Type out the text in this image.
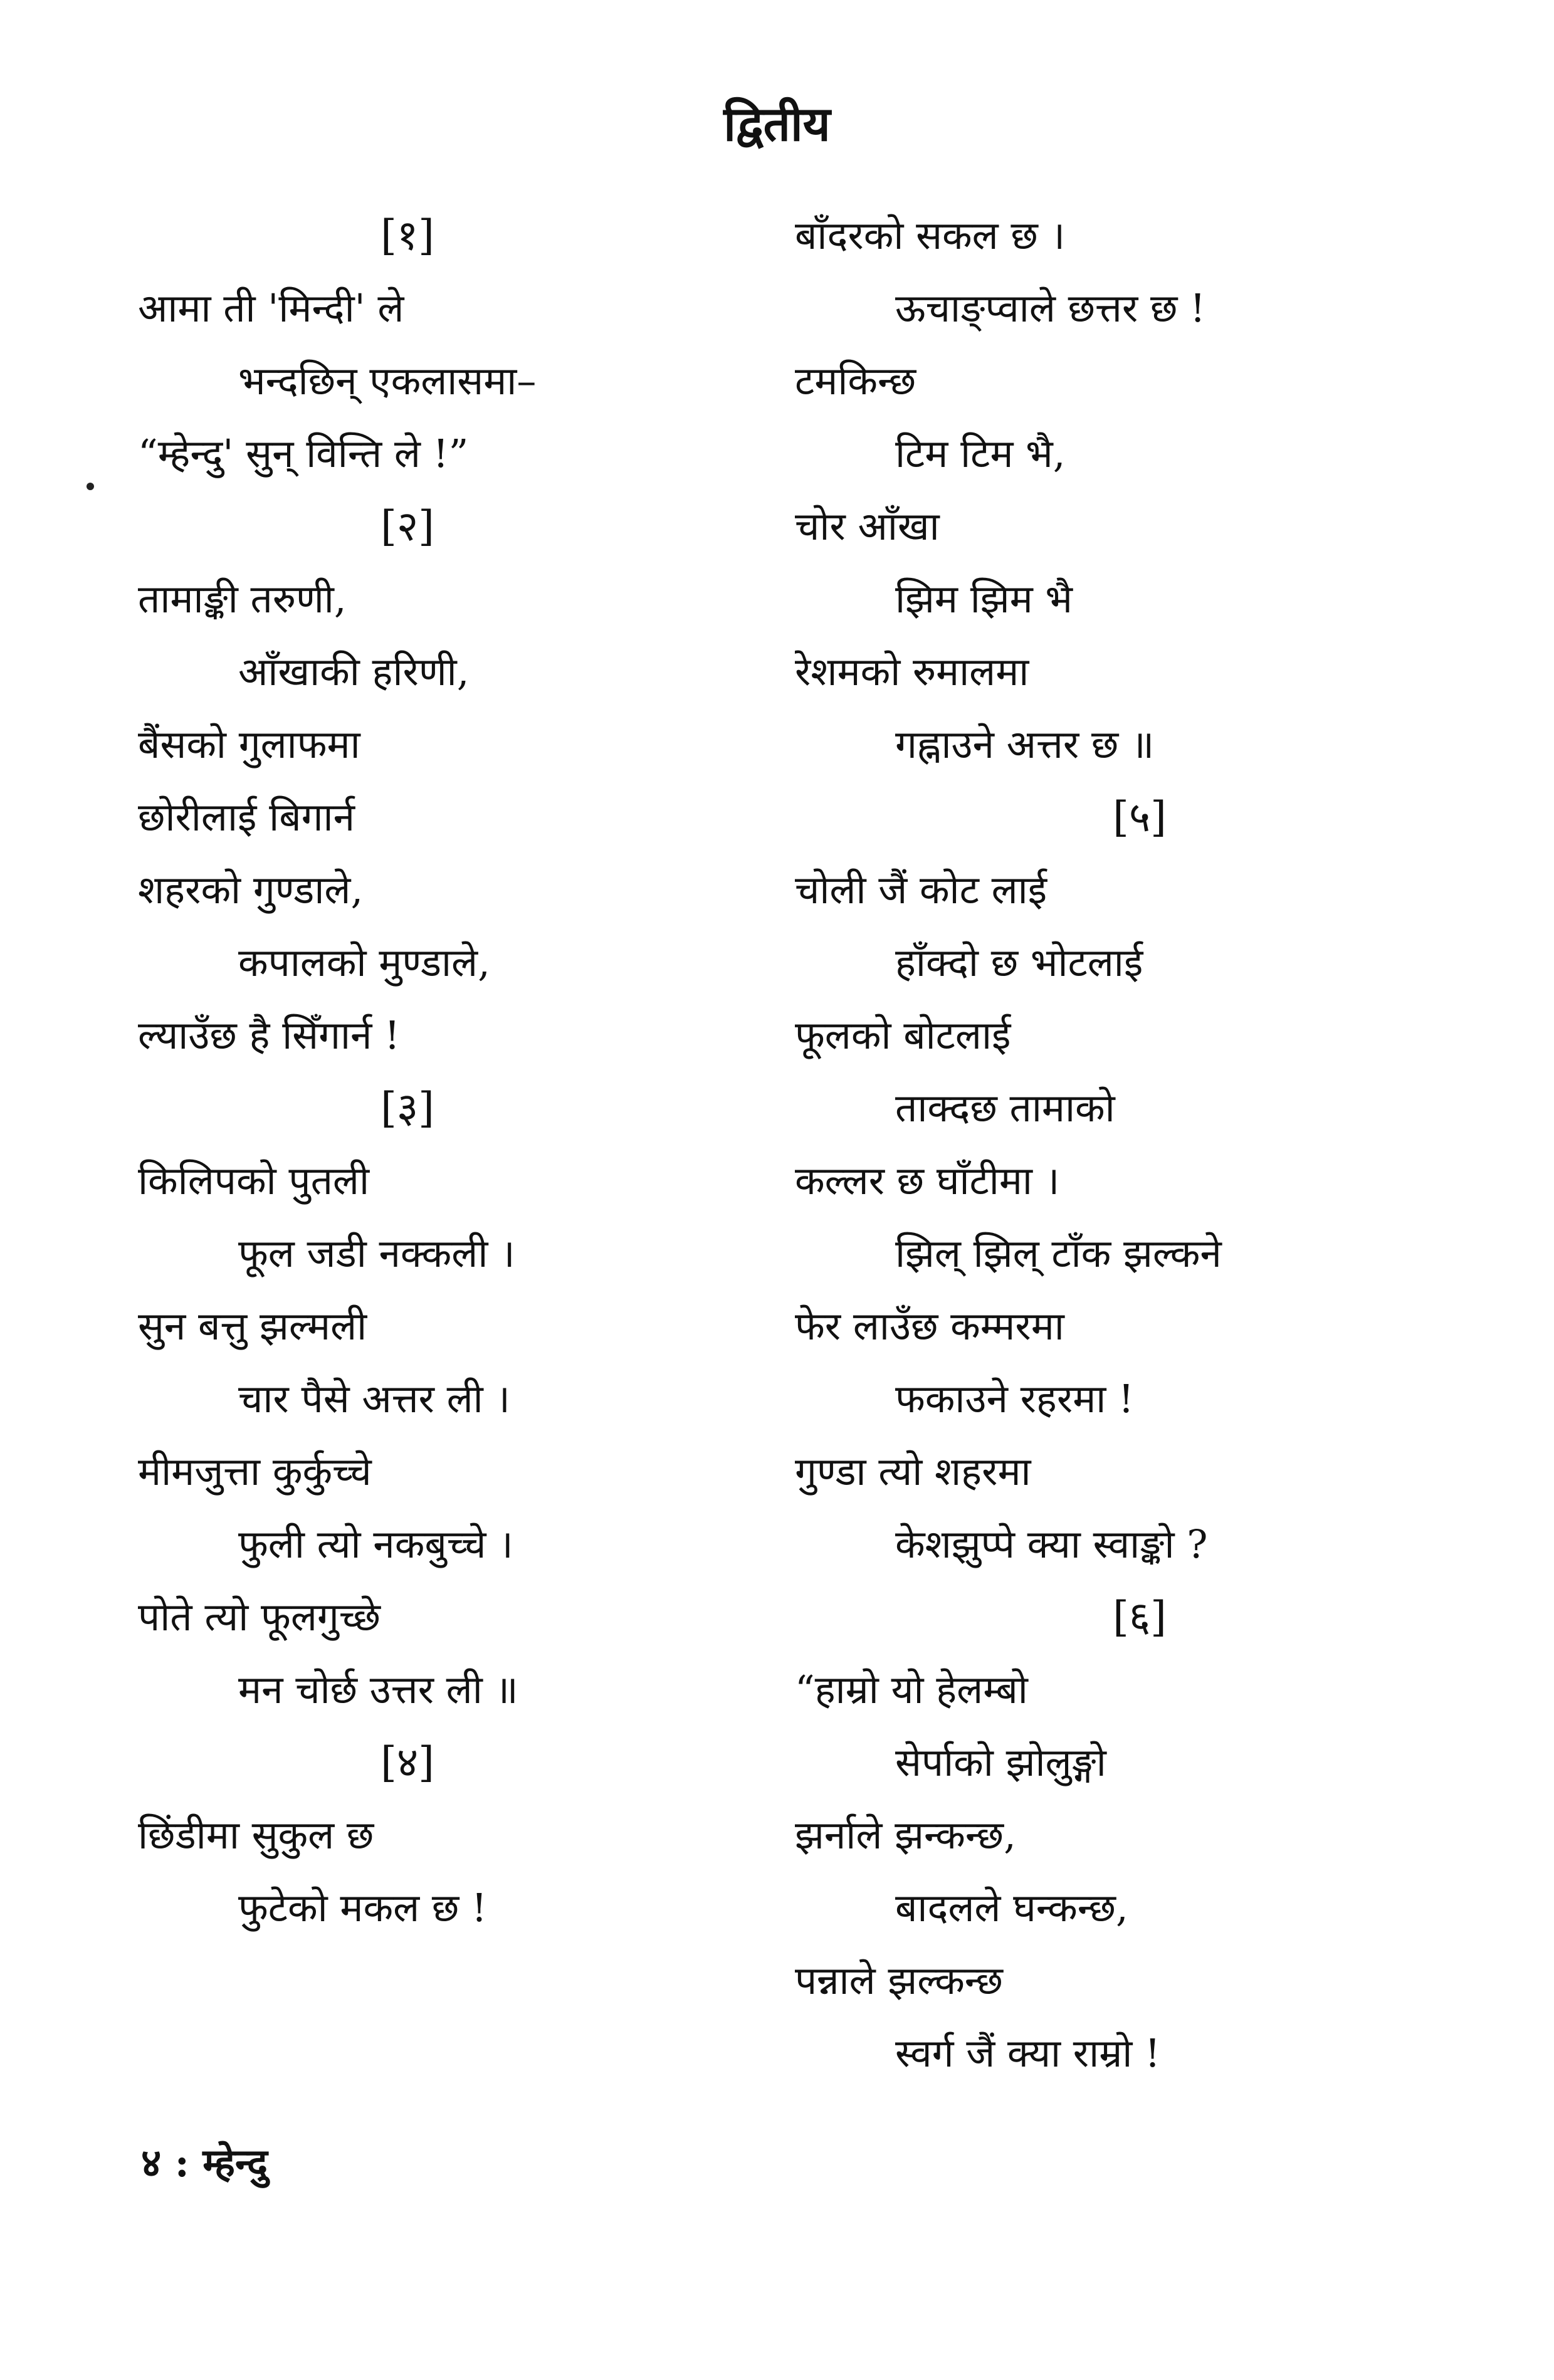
द्वितीय
[१]
आमा ती 'मिन्दी' ले
भन्दछिन् एकलासमा–
“म्हेन्दु' सुन् विन्ति ले !”
[२]
तामाङ्की तरुणी,
आँखाकी हरिणी,
बैंसको गुलाफमा
छोरीलाई बिगार्न
शहरको गुण्डाले,
कपालको मुण्डाले,
ल्याउँछ है सिँगार्न !
[३]
किलिपको पुतली
फूल जडी नक्कली ।
सुन बत्तु झल्मली
चार पैसे अत्तर ली ।
मीमजुत्ता कुर्कुच्चे
फुली त्यो नकबुच्चे ।
पोते त्यो फूलगुच्छे
मन चोर्छ उत्तर ली ॥
[४]
छिंडीमा सुकुल छ
फुटेको मकल छ !
बाँदरको सकल छ ।
ऊचाङ्प्वाले छत्तर छ !
टमकिन्छ
टिम टिम भै,
चोर आँखा
झिम झिम भै
रेशमको रुमालमा
गह्नाउने अत्तर छ ॥
[५]
चोली जैं कोट लाई
हाँक्दो छ भोटलाई
फूलको बोटलाई
ताक्दछ तामाको
कल्लर छ घाँटीमा ।
झिल् झिल् टाँक झल्कने
फेर लाउँछ कम्मरमा
फकाउने रहरमा !
गुण्डा त्यो शहरमा
केशझुप्पे क्या स्वाङ्को ?
[६]
“हाम्रो यो हेलम्बो
सेर्पाको झोलुङ्गो
झर्नाले झन्कन्छ,
बादलले घन्कन्छ,
पन्नाले झल्कन्छ
स्वर्ग जैं क्या राम्रो !
४ : म्हेन्दु
